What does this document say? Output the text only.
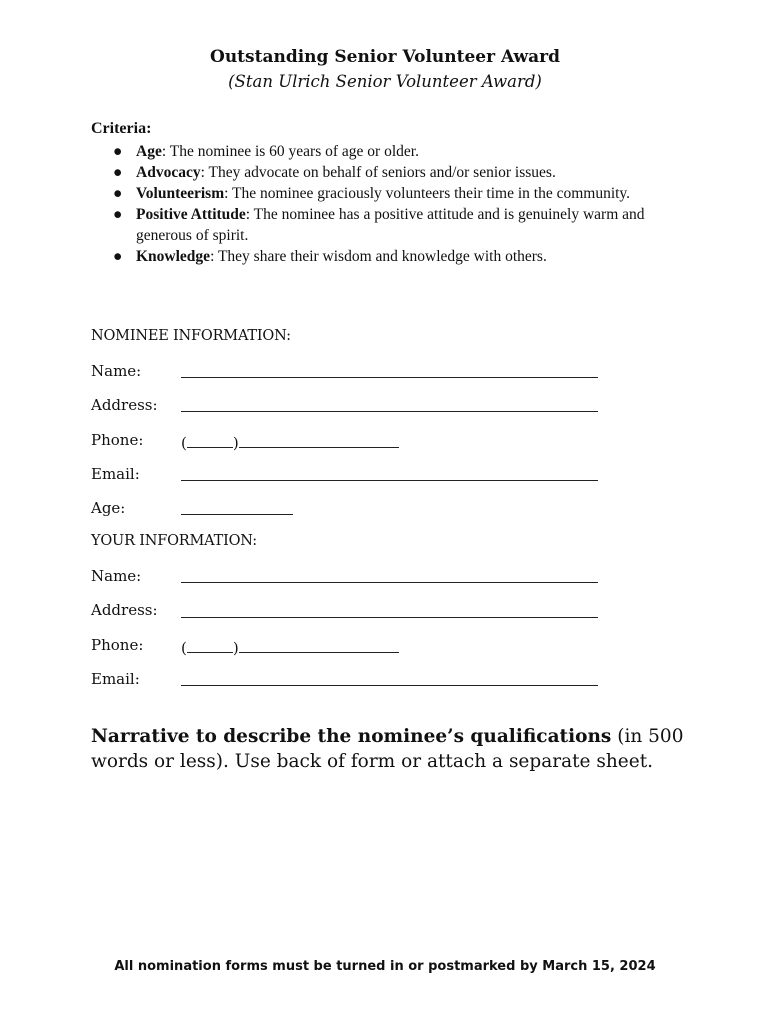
Outstanding Senior Volunteer Award
(Stan Ulrich Senior Volunteer Award)
Criteria:
● Age: The nominee is 60 years of age or older.
● Advocacy: They advocate on behalf of seniors and/or senior issues.
● Volunteerism: The nominee graciously volunteers their time in the community.
● Positive Attitude: The nominee has a positive attitude and is genuinely warm and generous of spirit.
● Knowledge: They share their wisdom and knowledge with others.
NOMINEE INFORMATION:
Name:
Address:
Phone:	(	)
Email:
Age:
YOUR INFORMATION:
Name:
Address:
Phone:	(	)
Email:
Narrative to describe the nominee’s qualifications (in 500 words or less). Use back of form or attach a separate sheet.
All nomination forms must be turned in or postmarked by March 15, 2024
